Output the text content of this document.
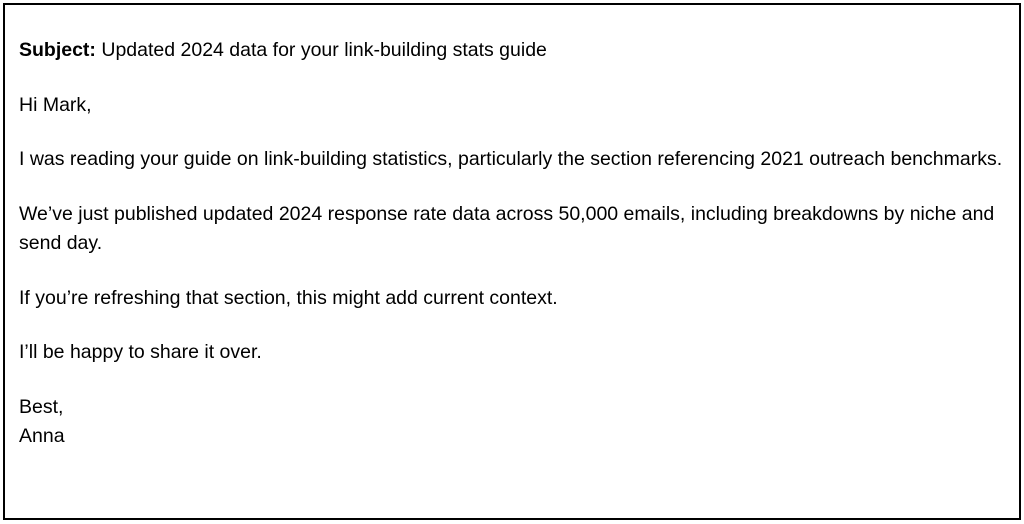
Subject: Updated 2024 data for your link-building stats guide

Hi Mark,

I was reading your guide on link-building statistics, particularly the section referencing 2021 outreach benchmarks.

We’ve just published updated 2024 response rate data across 50,000 emails, including breakdowns by niche and send day.

If you’re refreshing that section, this might add current context.

I’ll be happy to share it over.

Best,
Anna
